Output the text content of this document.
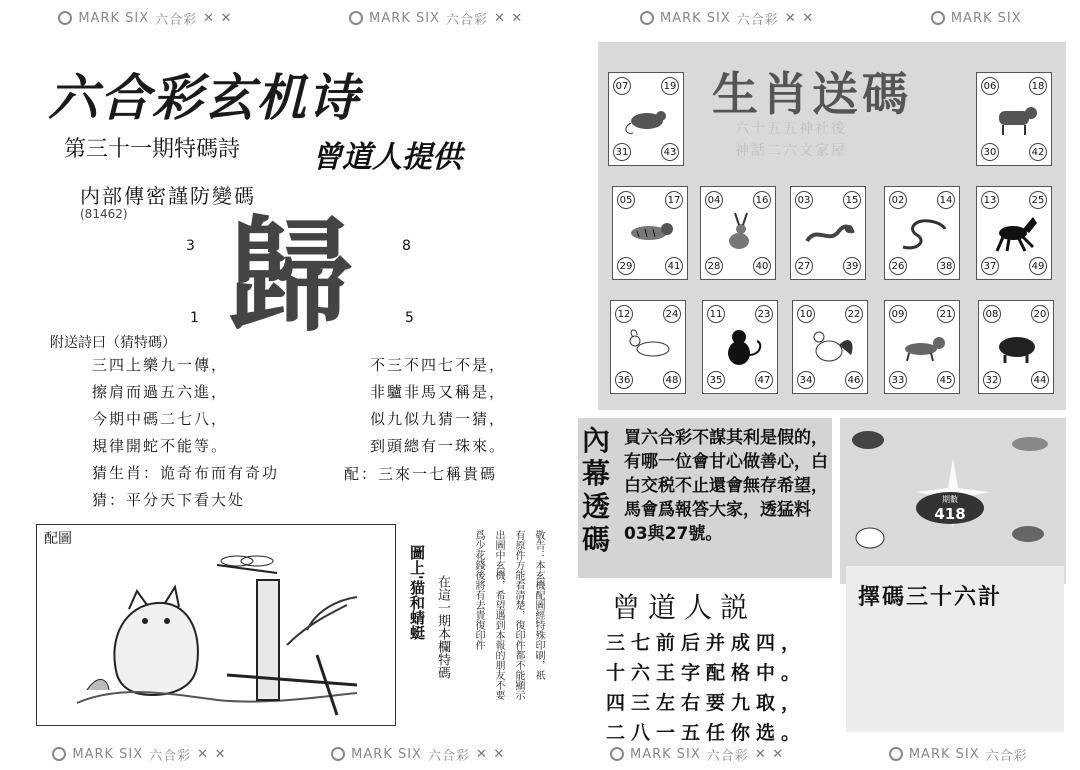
MARK SIX 六合彩 ✕ ✕	MARK SIX 六合彩 ✕ ✕	MARK SIX 六合彩 ✕ ✕	MARK SIX
六合彩玄机诗
第三十一期特碼詩 曾道人提供
内部傳密謹防變碼
(81462)
3	8
1	5
歸
附送詩曰（猜特碼）
三四上樂九一傳，
擦肩而過五六進，
今期中碼二七八，
規律開蛇不能等。
猜生肖：诡奇布而有奇功
猜：平分天下看大处
不三不四七不是，
非驢非馬又稱是，
似九似九猜一猜，
到頭總有一珠來。
配：三來一七稱貴碼
配圖
圖上'猫和蜻蜓 在這一期本欄特碼 爲少花錢後將有去貴復印件 出圖中玄機，希望遇到本報的朋友不要 有原件方能看清楚，復印件都不能顯示 敬告：本玄機配圖經特殊印刷，祇
生肖送碼
六十五五神社後
神話二六文家屋
07	19
31	43
06	18
30	42
05	17
29	41
04	16
28	40
03	15
27	39
02	14
26	38
13	25
37	49
12	24
36	48
11	23
35	47
10	22
34	46
09	21
33	45
08	20
32	44
內幕透碼
買六合彩不謀其利是假的，有哪一位會甘心做善心，白白交税不止還會無存希望，馬會爲報答大家，透猛料03與27號。
曾道人説
三七前后并成四，
十六王字配格中。
四三左右要九取，
二八一五任你选。
期數
418
擇碼三十六計
MARK SIX 六合彩 ✕ ✕	MARK SIX 六合彩 ✕ ✕	MARK SIX 六合彩 ✕ ✕	MARK SIX 六合彩
